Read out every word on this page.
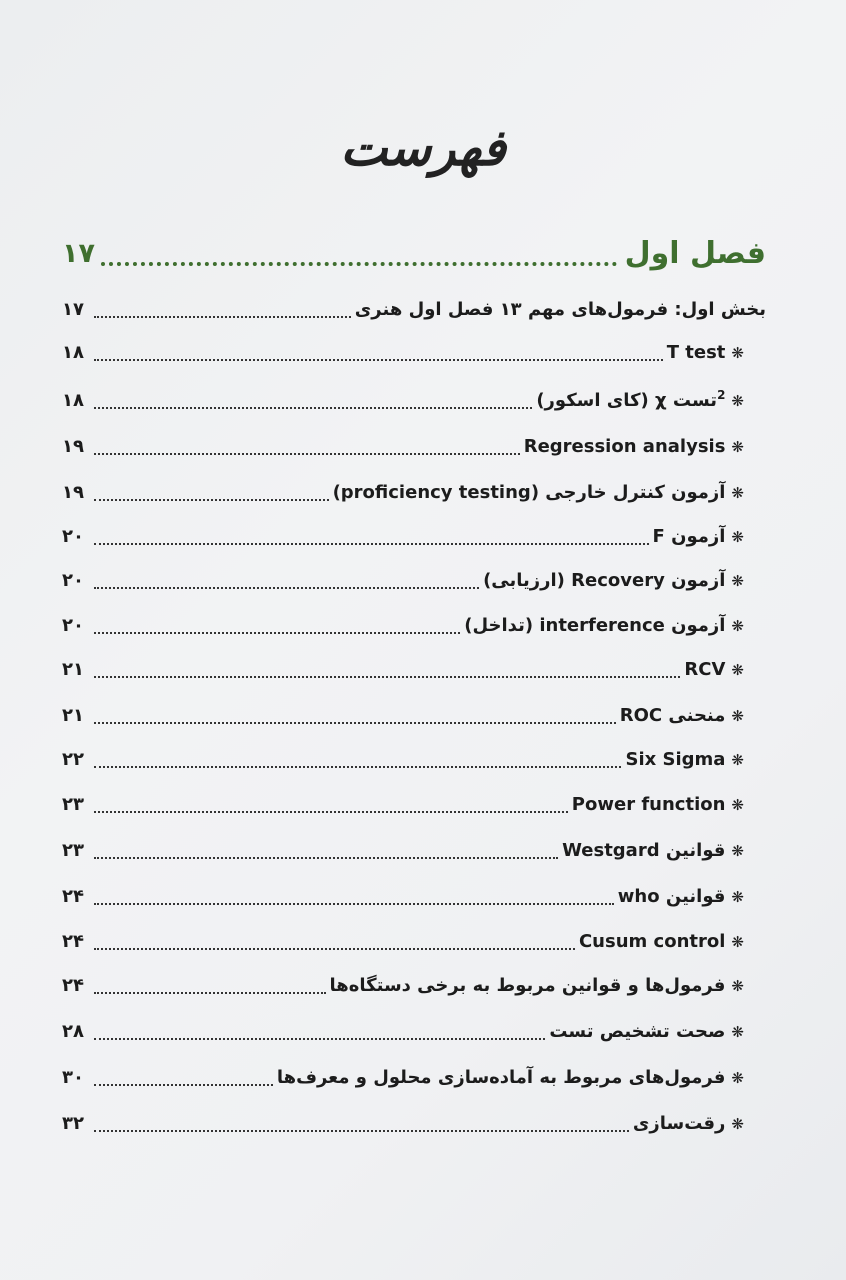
فهرست
فصل اول
۱۷
بخش اول: فرمول‌های مهم ۱۳ فصل اول هنری
۱۷
❋T test
۱۸
❋$^2$تست χ (کای اسکور)
۱۸
❋Regression analysis
۱۹
❋آزمون کنترل خارجی (proficiency testing)
۱۹
❋آزمون F
۲۰
❋آزمون Recovery (ارزیابی)
۲۰
❋آزمون interference (تداخل)
۲۰
❋RCV
۲۱
❋منحنی ROC
۲۱
❋Six Sigma
۲۲
❋Power function
۲۳
❋قوانین Westgard
۲۳
❋قوانین who
۲۴
❋Cusum control
۲۴
❋فرمول‌ها و قوانین مربوط به برخی دستگاه‌ها
۲۴
❋صحت تشخیص تست
۲۸
❋فرمول‌های مربوط به آماده‌سازی محلول و معرف‌ها
۳۰
❋رقت‌سازی
۳۲
